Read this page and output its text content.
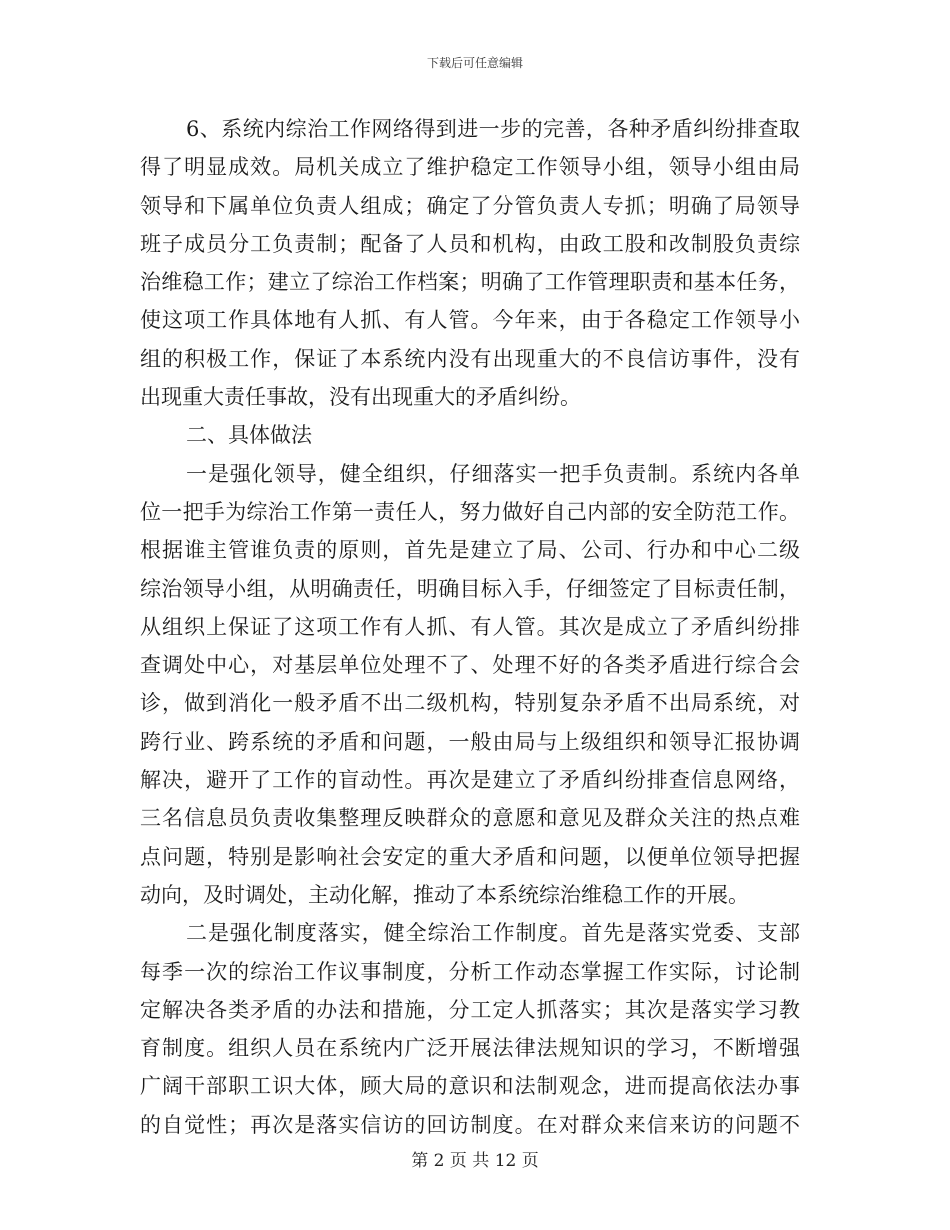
下载后可任意编辑
6、系统内综治工作网络得到进一步的完善，各种矛盾纠纷排查取
得了明显成效。局机关成立了维护稳定工作领导小组，领导小组由局
领导和下属单位负责人组成；确定了分管负责人专抓；明确了局领导
班子成员分工负责制；配备了人员和机构，由政工股和改制股负责综
治维稳工作；建立了综治工作档案；明确了工作管理职责和基本任务，
使这项工作具体地有人抓、有人管。今年来，由于各稳定工作领导小
组的积极工作，保证了本系统内没有出现重大的不良信访事件，没有
出现重大责任事故，没有出现重大的矛盾纠纷。
二、具体做法
一是强化领导，健全组织，仔细落实一把手负责制。系统内各单
位一把手为综治工作第一责任人，努力做好自己内部的安全防范工作。
根据谁主管谁负责的原则，首先是建立了局、公司、行办和中心二级
综治领导小组，从明确责任，明确目标入手，仔细签定了目标责任制，
从组织上保证了这项工作有人抓、有人管。其次是成立了矛盾纠纷排
查调处中心，对基层单位处理不了、处理不好的各类矛盾进行综合会
诊，做到消化一般矛盾不出二级机构，特别复杂矛盾不出局系统，对
跨行业、跨系统的矛盾和问题，一般由局与上级组织和领导汇报协调
解决，避开了工作的盲动性。再次是建立了矛盾纠纷排查信息网络，
三名信息员负责收集整理反映群众的意愿和意见及群众关注的热点难
点问题，特别是影响社会安定的重大矛盾和问题，以便单位领导把握
动向，及时调处，主动化解，推动了本系统综治维稳工作的开展。
二是强化制度落实，健全综治工作制度。首先是落实党委、支部
每季一次的综治工作议事制度，分析工作动态掌握工作实际，讨论制
定解决各类矛盾的办法和措施，分工定人抓落实；其次是落实学习教
育制度。组织人员在系统内广泛开展法律法规知识的学习，不断增强
广阔干部职工识大体，顾大局的意识和法制观念，进而提高依法办事
的自觉性；再次是落实信访的回访制度。在对群众来信来访的问题不
第 2 页 共 12 页
